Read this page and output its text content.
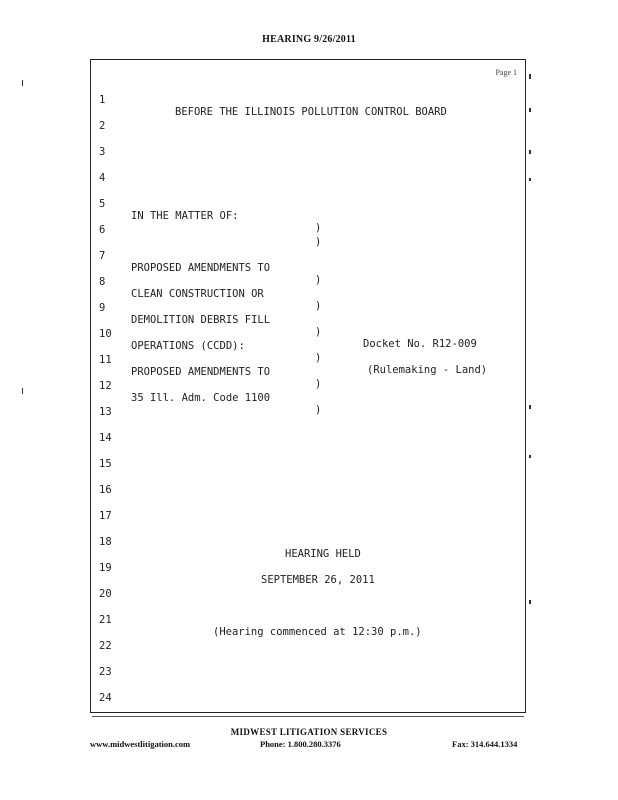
HEARING 9/26/2011
Page 1

1

BEFORE THE ILLINOIS POLLUTION CONTROL BOARD

2

3

4

5

IN THE MATTER OF:

)

6

)

7

PROPOSED AMENDMENTS TO

)

8

CLEAN CONSTRUCTION OR

)

9

DEMOLITION DEBRIS FILL

)

Docket No. R12-009

10

OPERATIONS (CCDD):

)

(Rulemaking - Land)

11

PROPOSED AMENDMENTS TO

)

12

35 Ill. Adm. Code 1100

)

13

14

15

16

17

18

HEARING HELD

19

SEPTEMBER 26, 2011

20

21

(Hearing commenced at 12:30 p.m.)

22

23

24

MIDWEST LITIGATION SERVICES
www.midwestlitigation.com	Phone: 1.800.280.3376	Fax: 314.644.1334
